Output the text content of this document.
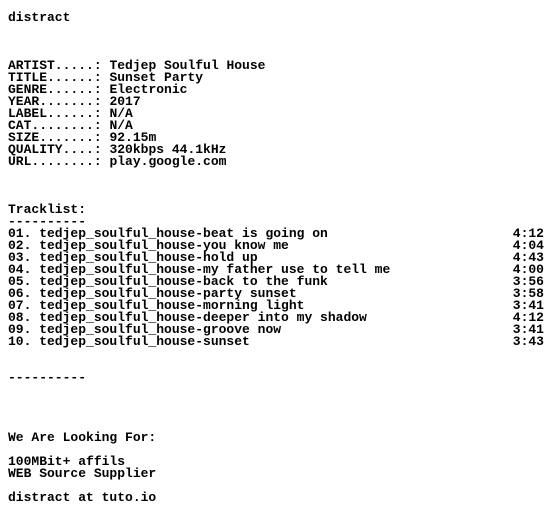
distract
ARTIST.....: Tedjep Soulful House
TITLE......: Sunset Party
GENRE......: Electronic
YEAR.......: 2017
LABEL......: N/A
CAT........: N/A
SIZE.......: 92.15m
QUALITY....: 320kbps 44.1kHz
URL........: play.google.com
Tracklist:
----------
01. tedjep_soulful_house-beat is going on	4:12
02. tedjep_soulful_house-you know me	4:04
03. tedjep_soulful_house-hold up	4:43
04. tedjep_soulful_house-my father use to tell me	4:00
05. tedjep_soulful_house-back to the funk	3:56
06. tedjep_soulful_house-party sunset	3:58
07. tedjep_soulful_house-morning light	3:41
08. tedjep_soulful_house-deeper into my shadow	4:12
09. tedjep_soulful_house-groove now	3:41
10. tedjep_soulful_house-sunset	3:43
----------
We Are Looking For:
100MBit+ affils
WEB Source Supplier
distract at tuto.io
